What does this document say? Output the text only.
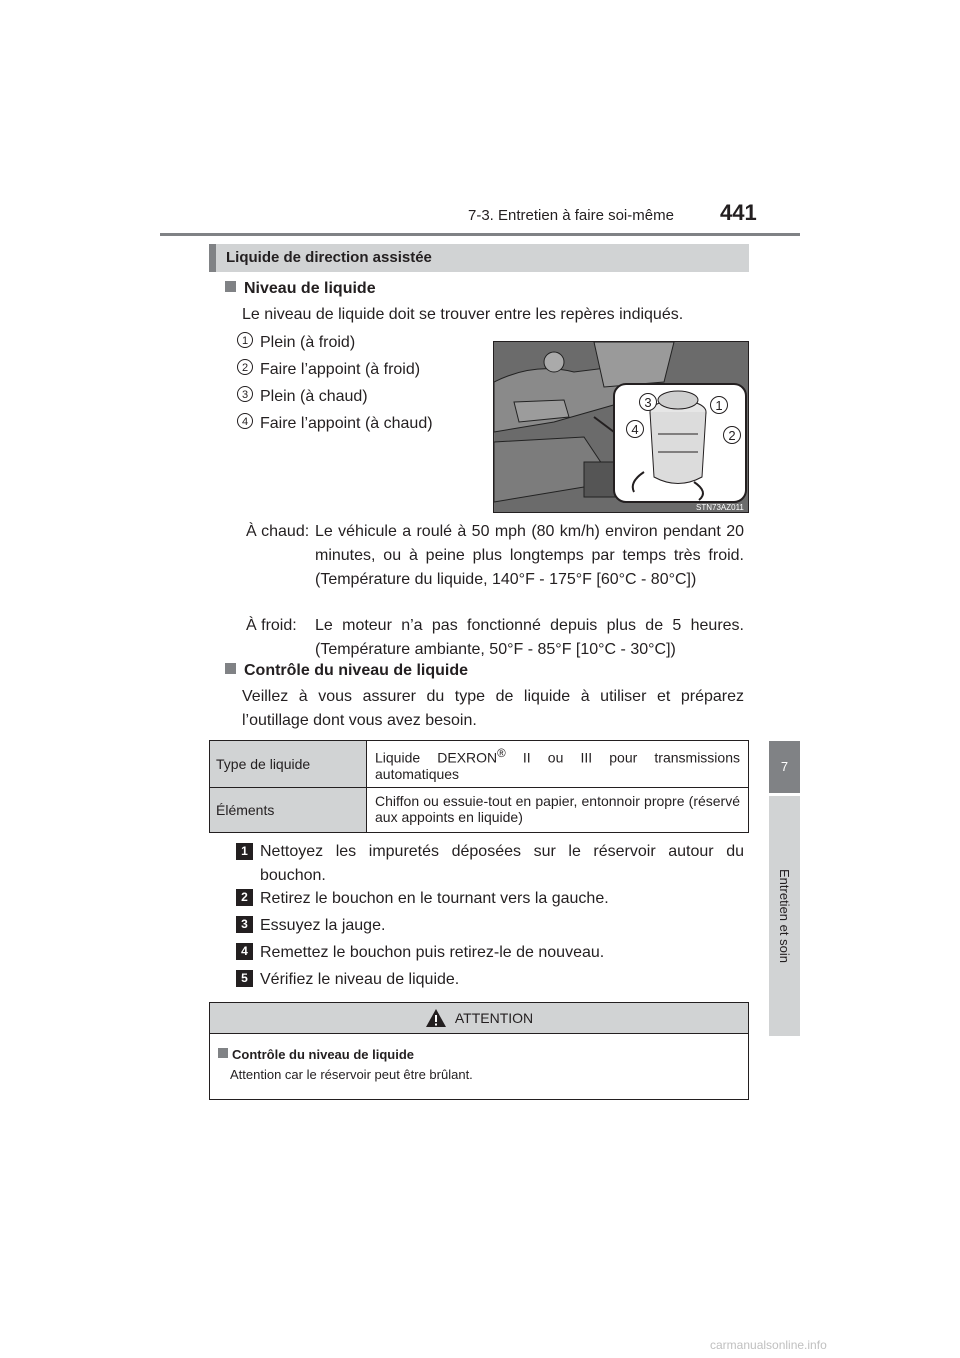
7-3. Entretien à faire soi-même 441
7
Entretien et soin
Liquide de direction assistée
Niveau de liquide
Le niveau de liquide doit se trouver entre les repères indiqués.
1 Plein (à froid)
2 Faire l’appoint (à froid)
3 Plein (à chaud)
4 Faire l’appoint (à chaud)
3	1
4	2
STN73AZ011
À chaud: Le véhicule a roulé à 50 mph (80 km/h) environ pendant 20 minutes, ou à peine plus longtemps par temps très froid. (Température du liquide, 140°F - 175°F [60°C - 80°C])
À froid: Le moteur n’a pas fonctionné depuis plus de 5 heures. (Température ambiante, 50°F - 85°F [10°C - 30°C])
Contrôle du niveau de liquide
Veillez à vous assurer du type de liquide à utiliser et préparez l’outillage dont vous avez besoin.
Type de liquide	Liquide DEXRON® II ou III pour transmissions automatiques
Éléments	Chiffon ou essuie-tout en papier, entonnoir propre (réservé aux appoints en liquide)
1 Nettoyez les impuretés déposées sur le réservoir autour du bouchon.
2 Retirez le bouchon en le tournant vers la gauche.
3 Essuyez la jauge.
4 Remettez le bouchon puis retirez-le de nouveau.
5 Vérifiez le niveau de liquide.
ATTENTION
Contrôle du niveau de liquide
Attention car le réservoir peut être brûlant.
carmanualsonline.info
